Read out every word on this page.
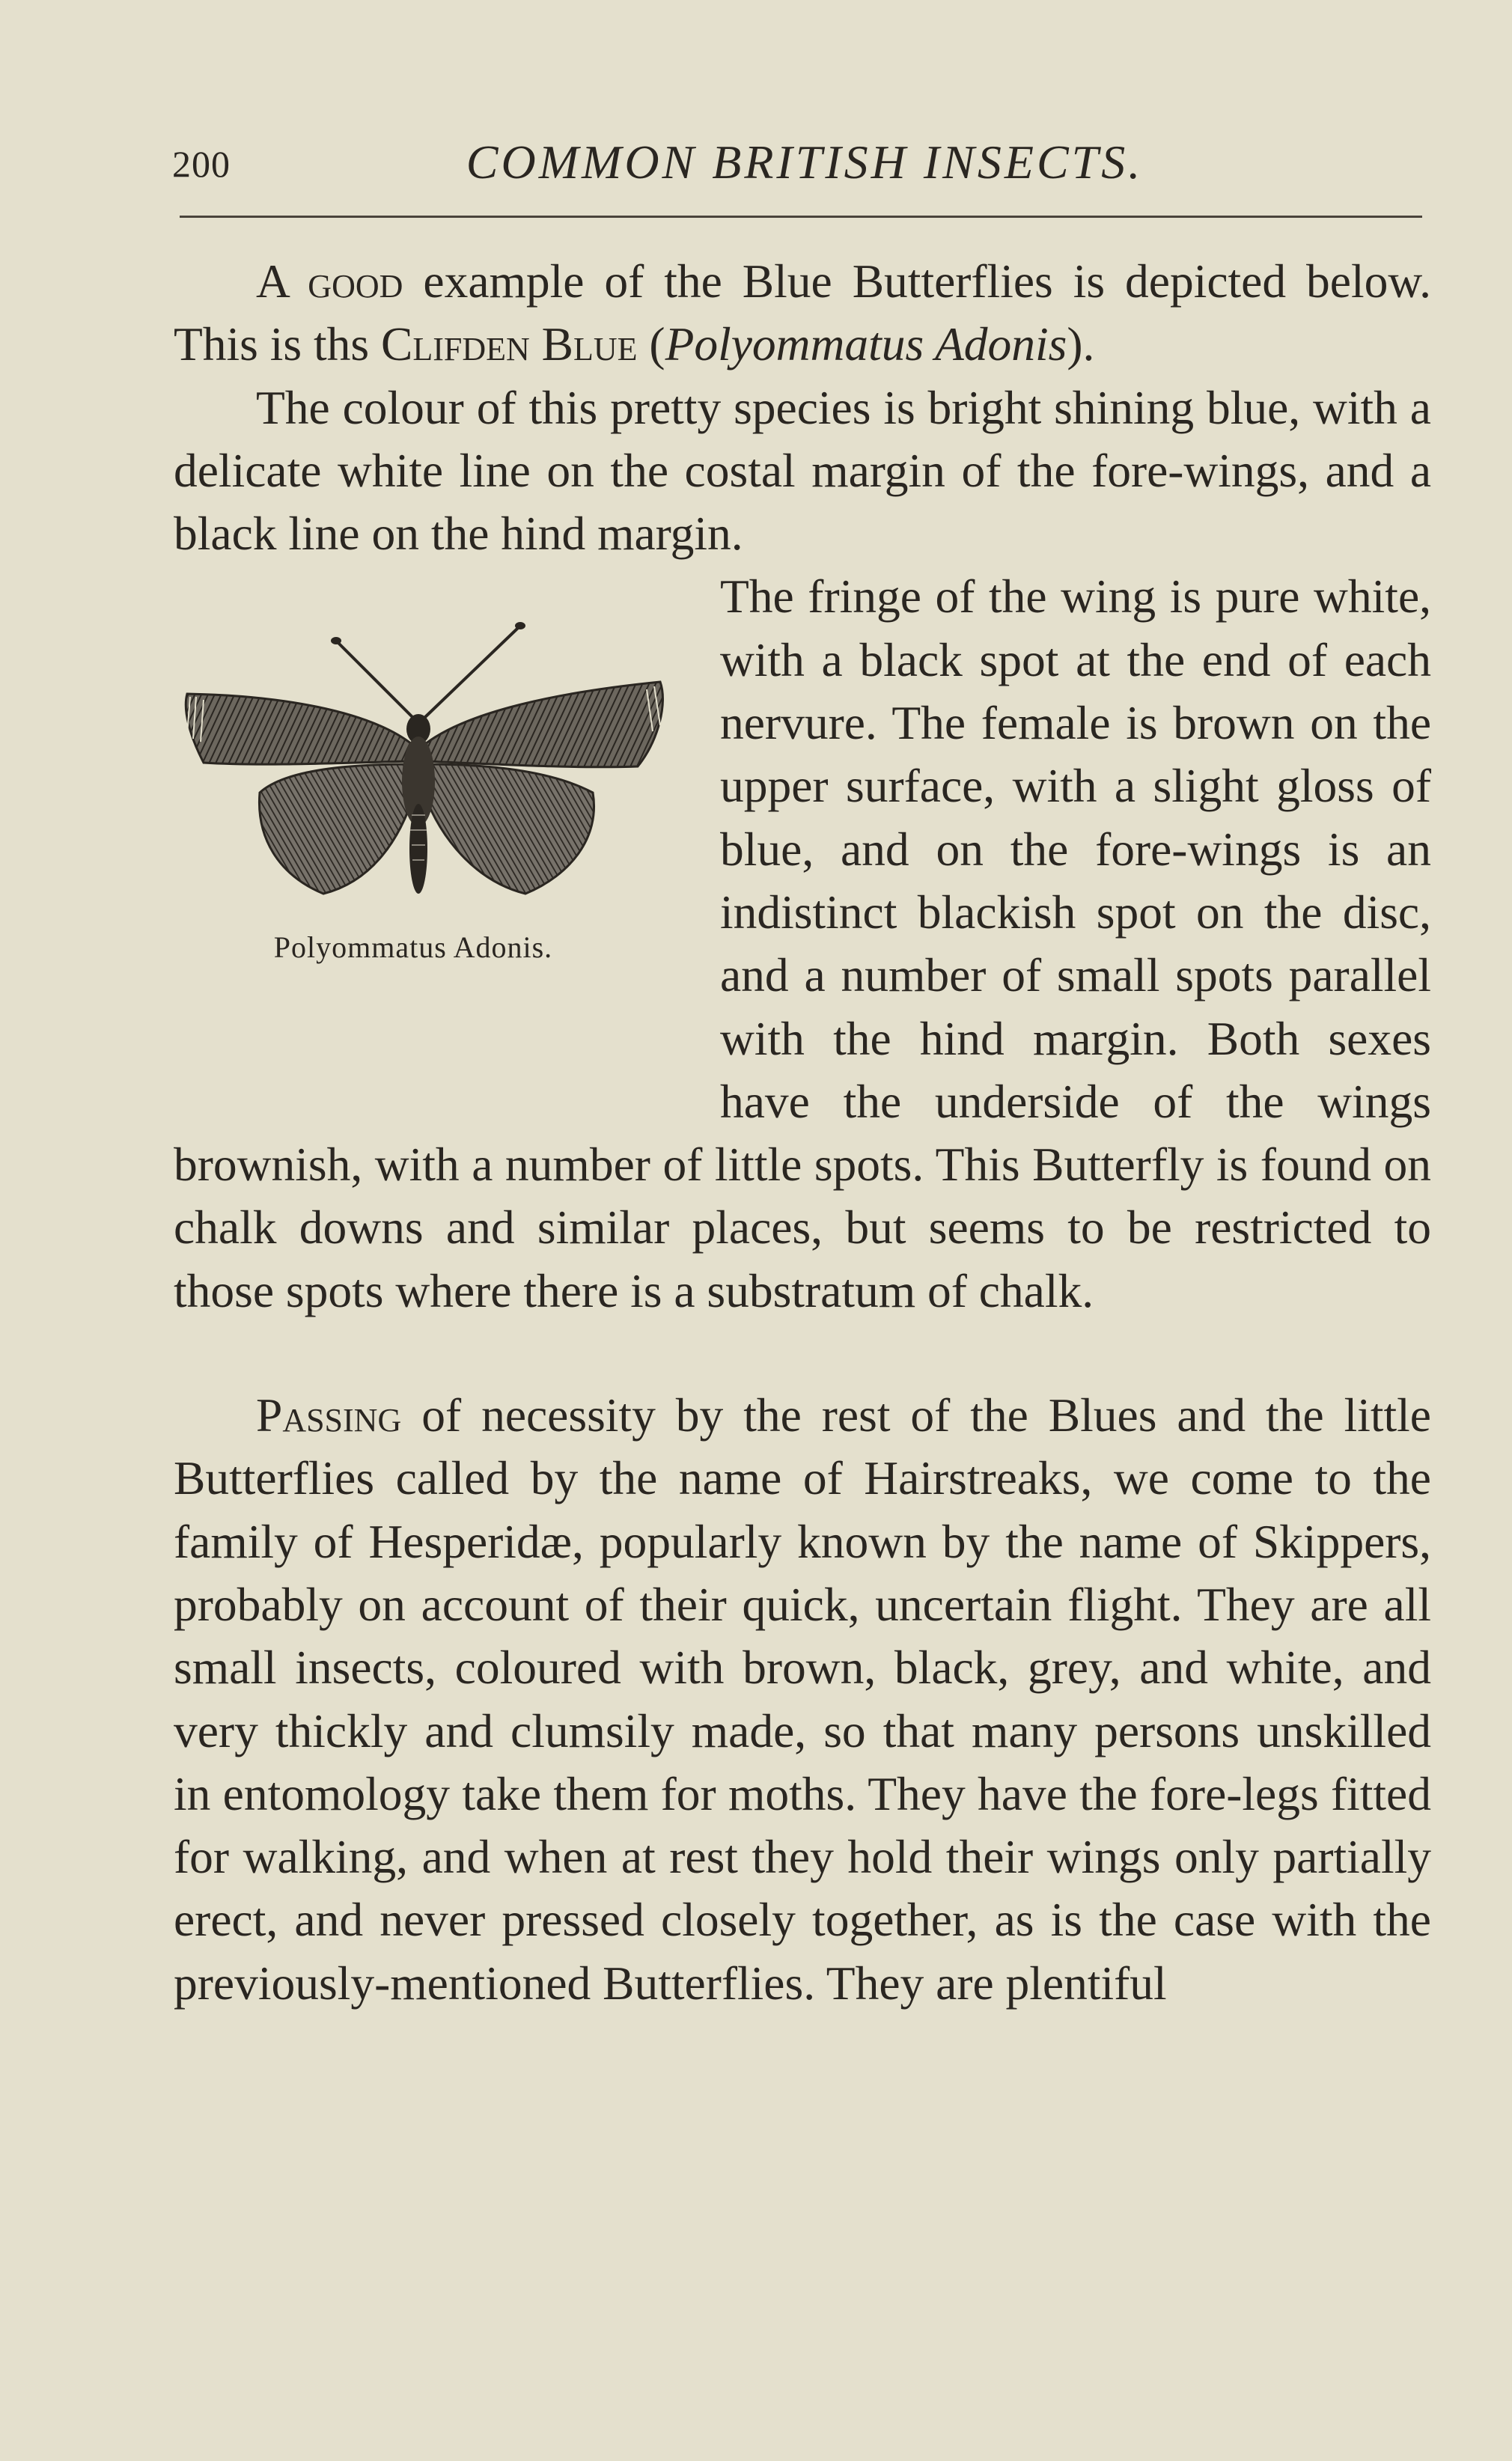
200	COMMON BRITISH INSECTS.

A good example of the Blue Butterflies is depicted below. This is ths Clifden Blue (Polyommatus Adonis).

The colour of this pretty species is bright shining blue, with a delicate white line on the costal margin of the fore-wings, and a black line on the hind margin.

Polyommatus Adonis.
The fringe of the wing is pure white, with a black spot at the end of each nervure. The female is brown on the upper surface, with a slight gloss of blue, and on the fore-wings is an indistinct blackish spot on the disc, and a number of small spots parallel with the hind margin. Both sexes have the underside of the wings brownish, with a number of little spots. This Butterfly is found on chalk downs and similar places, but seems to be restricted to those spots where there is a substratum of chalk.

Passing of necessity by the rest of the Blues and the little Butterflies called by the name of Hairstreaks, we come to the family of Hesperidæ, popularly known by the name of Skippers, probably on account of their quick, uncertain flight. They are all small insects, coloured with brown, black, grey, and white, and very thickly and clumsily made, so that many persons unskilled in entomology take them for moths. They have the fore-legs fitted for walking, and when at rest they hold their wings only partially erect, and never pressed closely together, as is the case with the previously-mentioned Butterflies. They are plentiful
